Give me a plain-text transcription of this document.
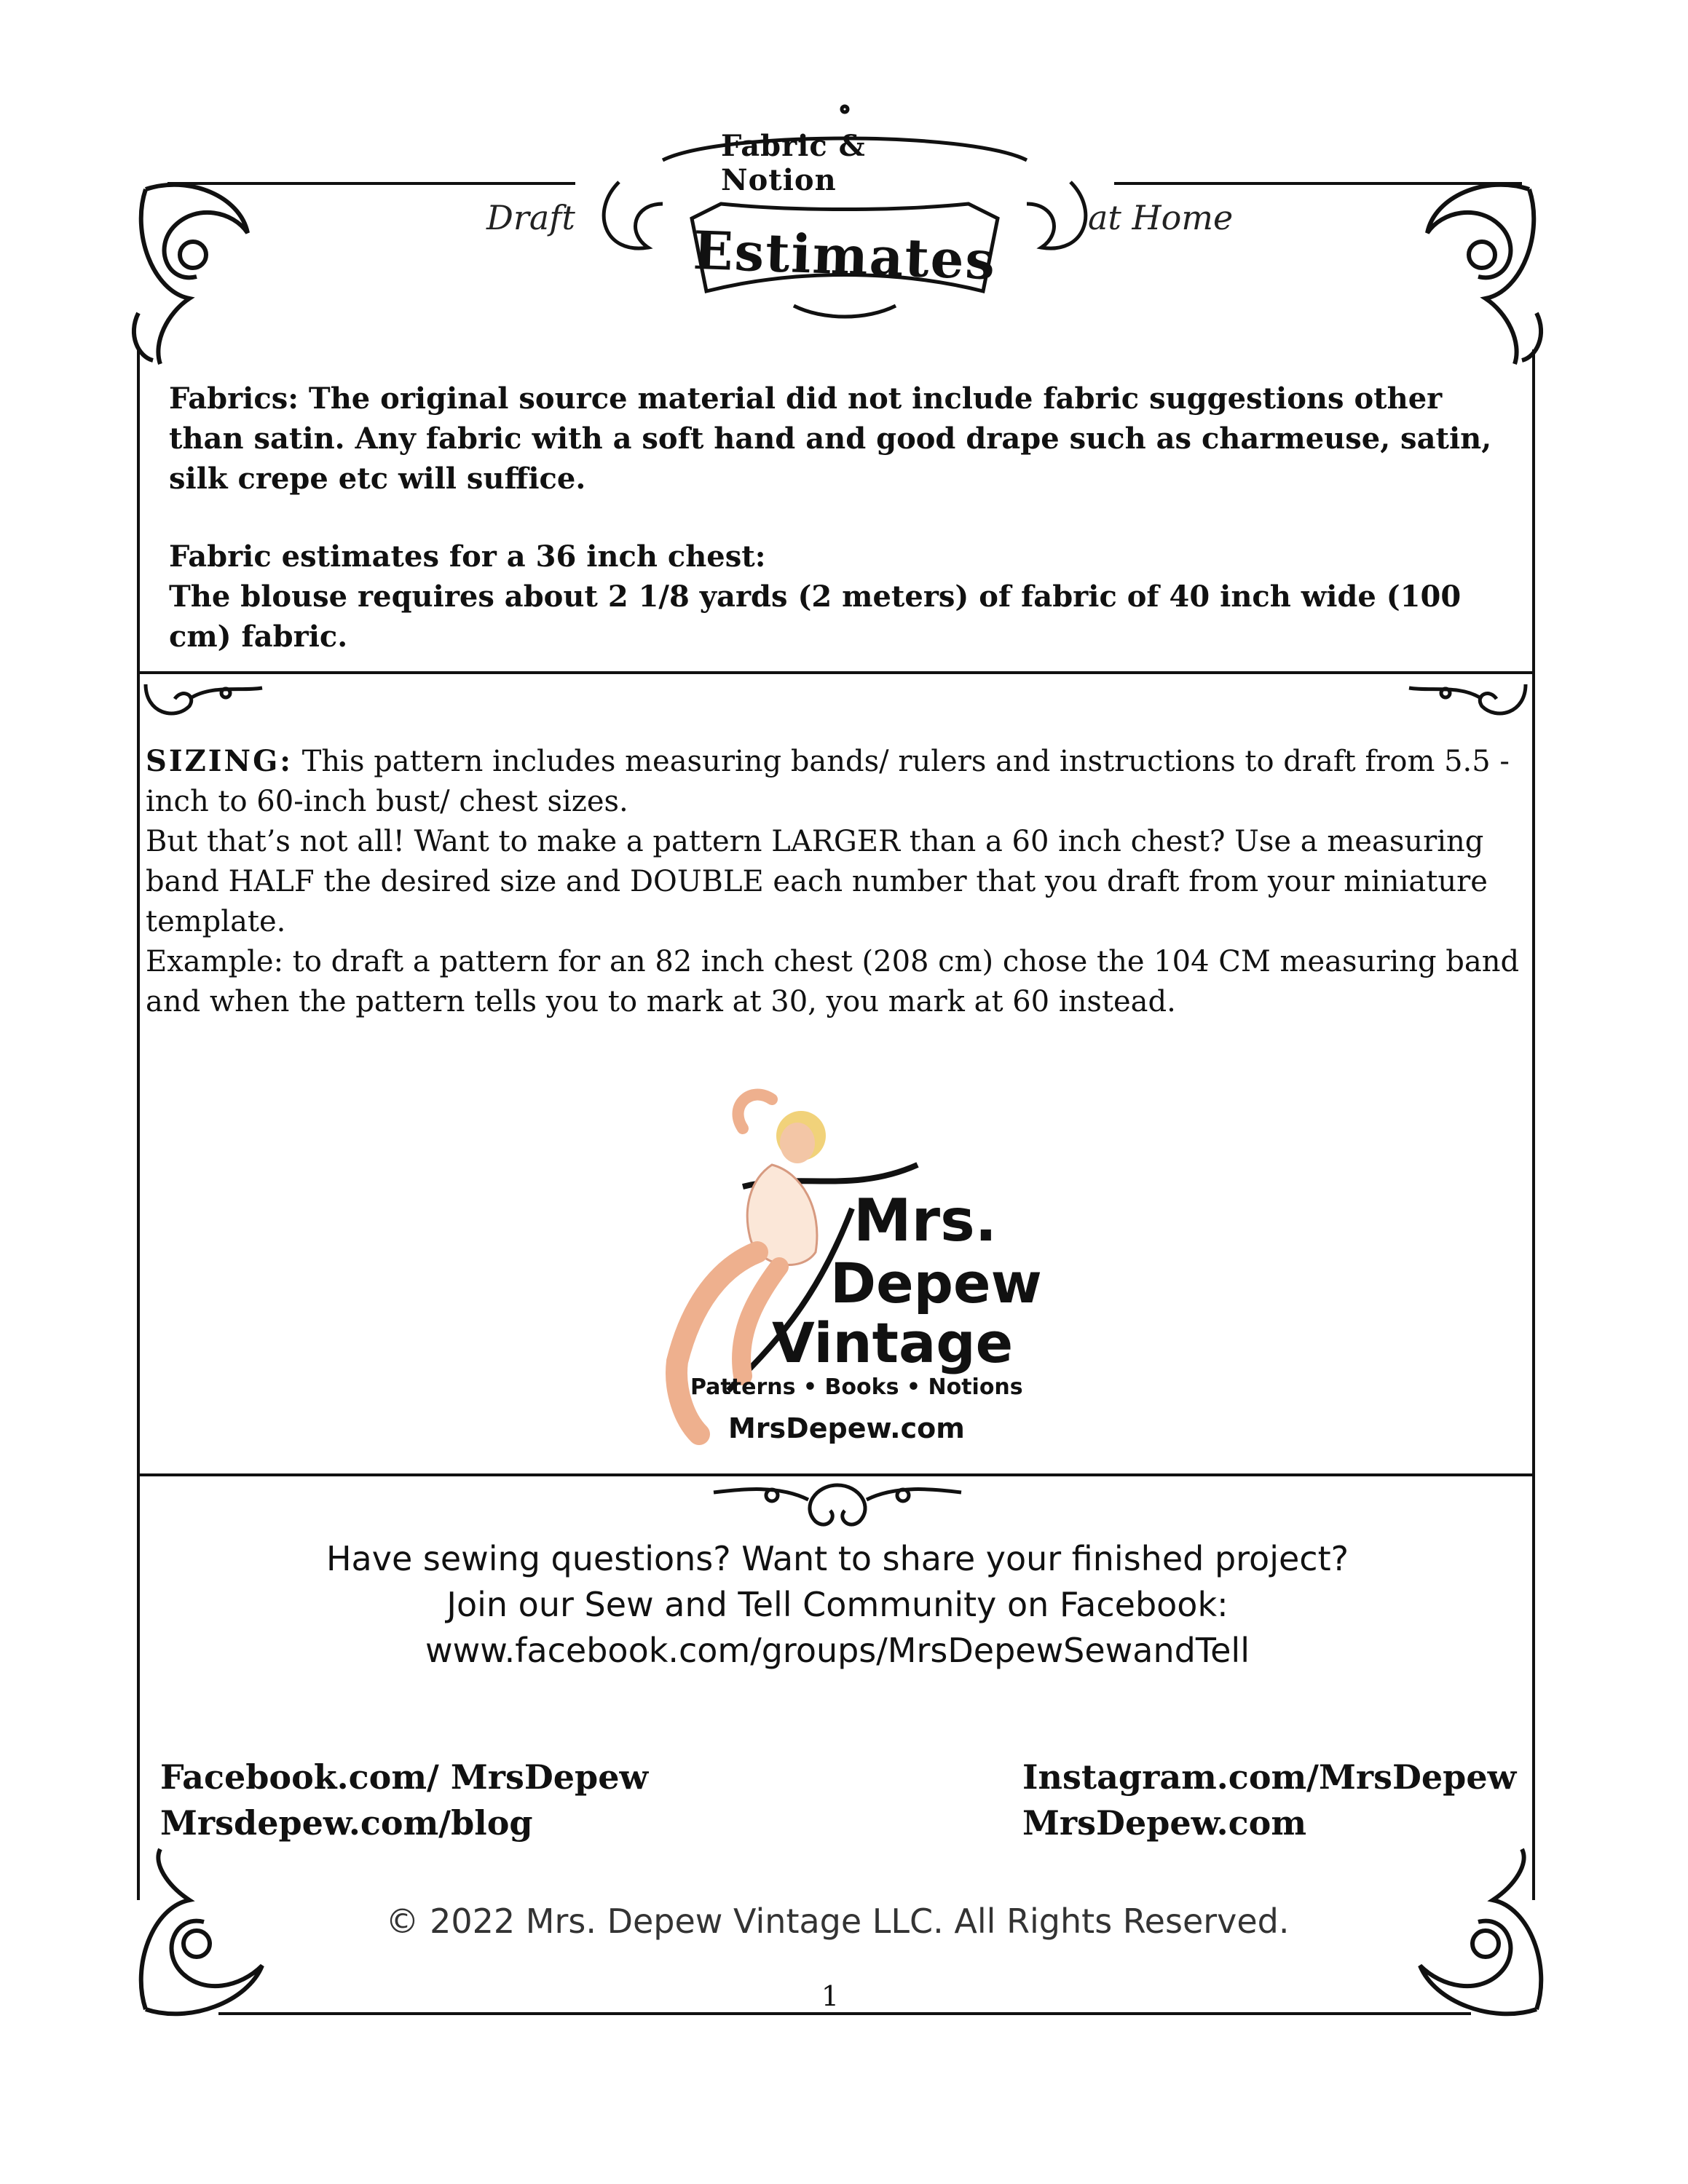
Fabric & Notion
Estimates
Draft	at Home

Fabrics: The original source material did not include fabric suggestions other than satin. Any fabric with a soft hand and good drape such as charmeuse, satin, silk crepe etc will suffice.

Fabric estimates for a 36 inch chest:

The blouse requires about 2 1/8 yards (2 meters) of fabric of 40 inch wide (100 cm) fabric.

SIZING: This pattern includes measuring bands/ rulers and instructions to draft from 5.5 -inch to 60-inch bust/ chest sizes.

But that’s not all! Want to make a pattern LARGER than a 60 inch chest? Use a measuring band HALF the desired size and DOUBLE each number that you draft from your miniature template.

Example: to draft a pattern for an 82 inch chest (208 cm) chose the 104 CM measuring band and when the pattern tells you to mark at 30, you mark at 60 instead.

Mrs.
Depew
Vintage
Patterns • Books • Notions
MrsDepew.com
Have sewing questions? Want to share your finished project?
Join our Sew and Tell Community on Facebook:
www.facebook.com/groups/MrsDepewSewandTell
Facebook.com/ MrsDepew
Mrsdepew.com/blog
Instagram.com/MrsDepew
MrsDepew.com
© 2022 Mrs. Depew Vintage LLC. All Rights Reserved.
1
